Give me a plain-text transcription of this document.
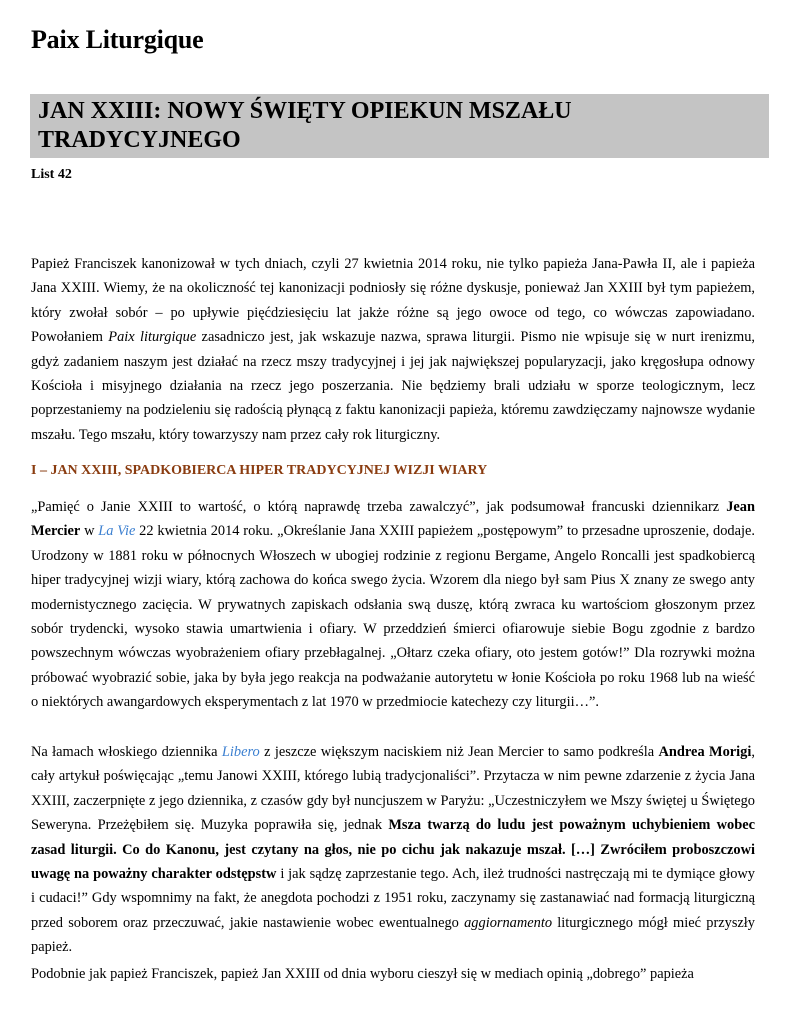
Paix Liturgique
JAN XXIII: NOWY ŚWIĘTY OPIEKUN MSZAŁU TRADYCYJNEGO
List 42

Papież Franciszek kanonizował w tych dniach, czyli 27 kwietnia 2014 roku, nie tylko papieża Jana-Pawła II, ale i papieża Jana XXIII. Wiemy, że na okoliczność tej kanonizacji podniosły się różne dyskusje, ponieważ Jan XXIII był tym papieżem, który zwołał sobór – po upływie pięćdziesięciu lat jakże różne są jego owoce od tego, co wówczas zapowiadano. Powołaniem Paix liturgique zasadniczo jest, jak wskazuje nazwa, sprawa liturgii. Pismo nie wpisuje się w nurt irenizmu, gdyż zadaniem naszym jest działać na rzecz mszy tradycyjnej i jej jak największej popularyzacji, jako kręgosłupa odnowy Kościoła i misyjnego działania na rzecz jego poszerzania. Nie będziemy brali udziału w sporze teologicznym, lecz poprzestaniemy na podzieleniu się radością płynącą z faktu kanonizacji papieża, któremu zawdzięczamy najnowsze wydanie mszału. Tego mszału, który towarzyszy nam przez cały rok liturgiczny.

I – JAN XXIII, SPADKOBIERCA HIPER TRADYCYJNEJ WIZJI WIARY

„Pamięć o Janie XXIII to wartość, o którą naprawdę trzeba zawalczyć”, jak podsumował francuski dziennikarz Jean Mercier w La Vie 22 kwietnia 2014 roku. „Określanie Jana XXIII papieżem „postępowym” to przesadne uproszenie, dodaje. Urodzony w 1881 roku w północnych Włoszech w ubogiej rodzinie z regionu Bergame, Angelo Roncalli jest spadkobiercą hiper tradycyjnej wizji wiary, którą zachowa do końca swego życia. Wzorem dla niego był sam Pius X znany ze swego anty modernistycznego zacięcia. W prywatnych zapiskach odsłania swą duszę, którą zwraca ku wartościom głoszonym przez sobór trydencki, wysoko stawia umartwienia i ofiary. W przeddzień śmierci ofiarowuje siebie Bogu zgodnie z bardzo powszechnym wówczas wyobrażeniem ofiary przebłagalnej. „Ołtarz czeka ofiary, oto jestem gotów!” Dla rozrywki można próbować wyobrazić sobie, jaka by była jego reakcja na podważanie autorytetu w łonie Kościoła po roku 1968 lub na wieść o niektórych awangardowych eksperymentach z lat 1970 w przedmiocie katechezy czy liturgii…”.

Na łamach włoskiego dziennika Libero z jeszcze większym naciskiem niż Jean Mercier to samo podkreśla Andrea Morigi, cały artykuł poświęcając „temu Janowi XXIII, którego lubią tradycjonaliści”. Przytacza w nim pewne zdarzenie z życia Jana XXIII, zaczerpnięte z jego dziennika, z czasów gdy był nuncjuszem w Paryżu: „Uczestniczyłem we Mszy świętej u Świętego Seweryna. Przeżębiłem się. Muzyka poprawiła się, jednak Msza twarzą do ludu jest poważnym uchybieniem wobec zasad liturgii. Co do Kanonu, jest czytany na głos, nie po cichu jak nakazuje mszał. […] Zwróciłem proboszczowi uwagę na poważny charakter odstępstw i jak sądzę zaprzestanie tego. Ach, ileż trudności nastręczają mi te dymiące głowy i cudaci!” Gdy wspomnimy na fakt, że anegdota pochodzi z 1951 roku, zaczynamy się zastanawiać nad formacją liturgiczną przed soborem oraz przeczuwać, jakie nastawienie wobec ewentualnego aggiornamento liturgicznego mógł mieć przyszły papież.

Podobnie jak papież Franciszek, papież Jan XXIII od dnia wyboru cieszył się w mediach opinią „dobrego” papieża
